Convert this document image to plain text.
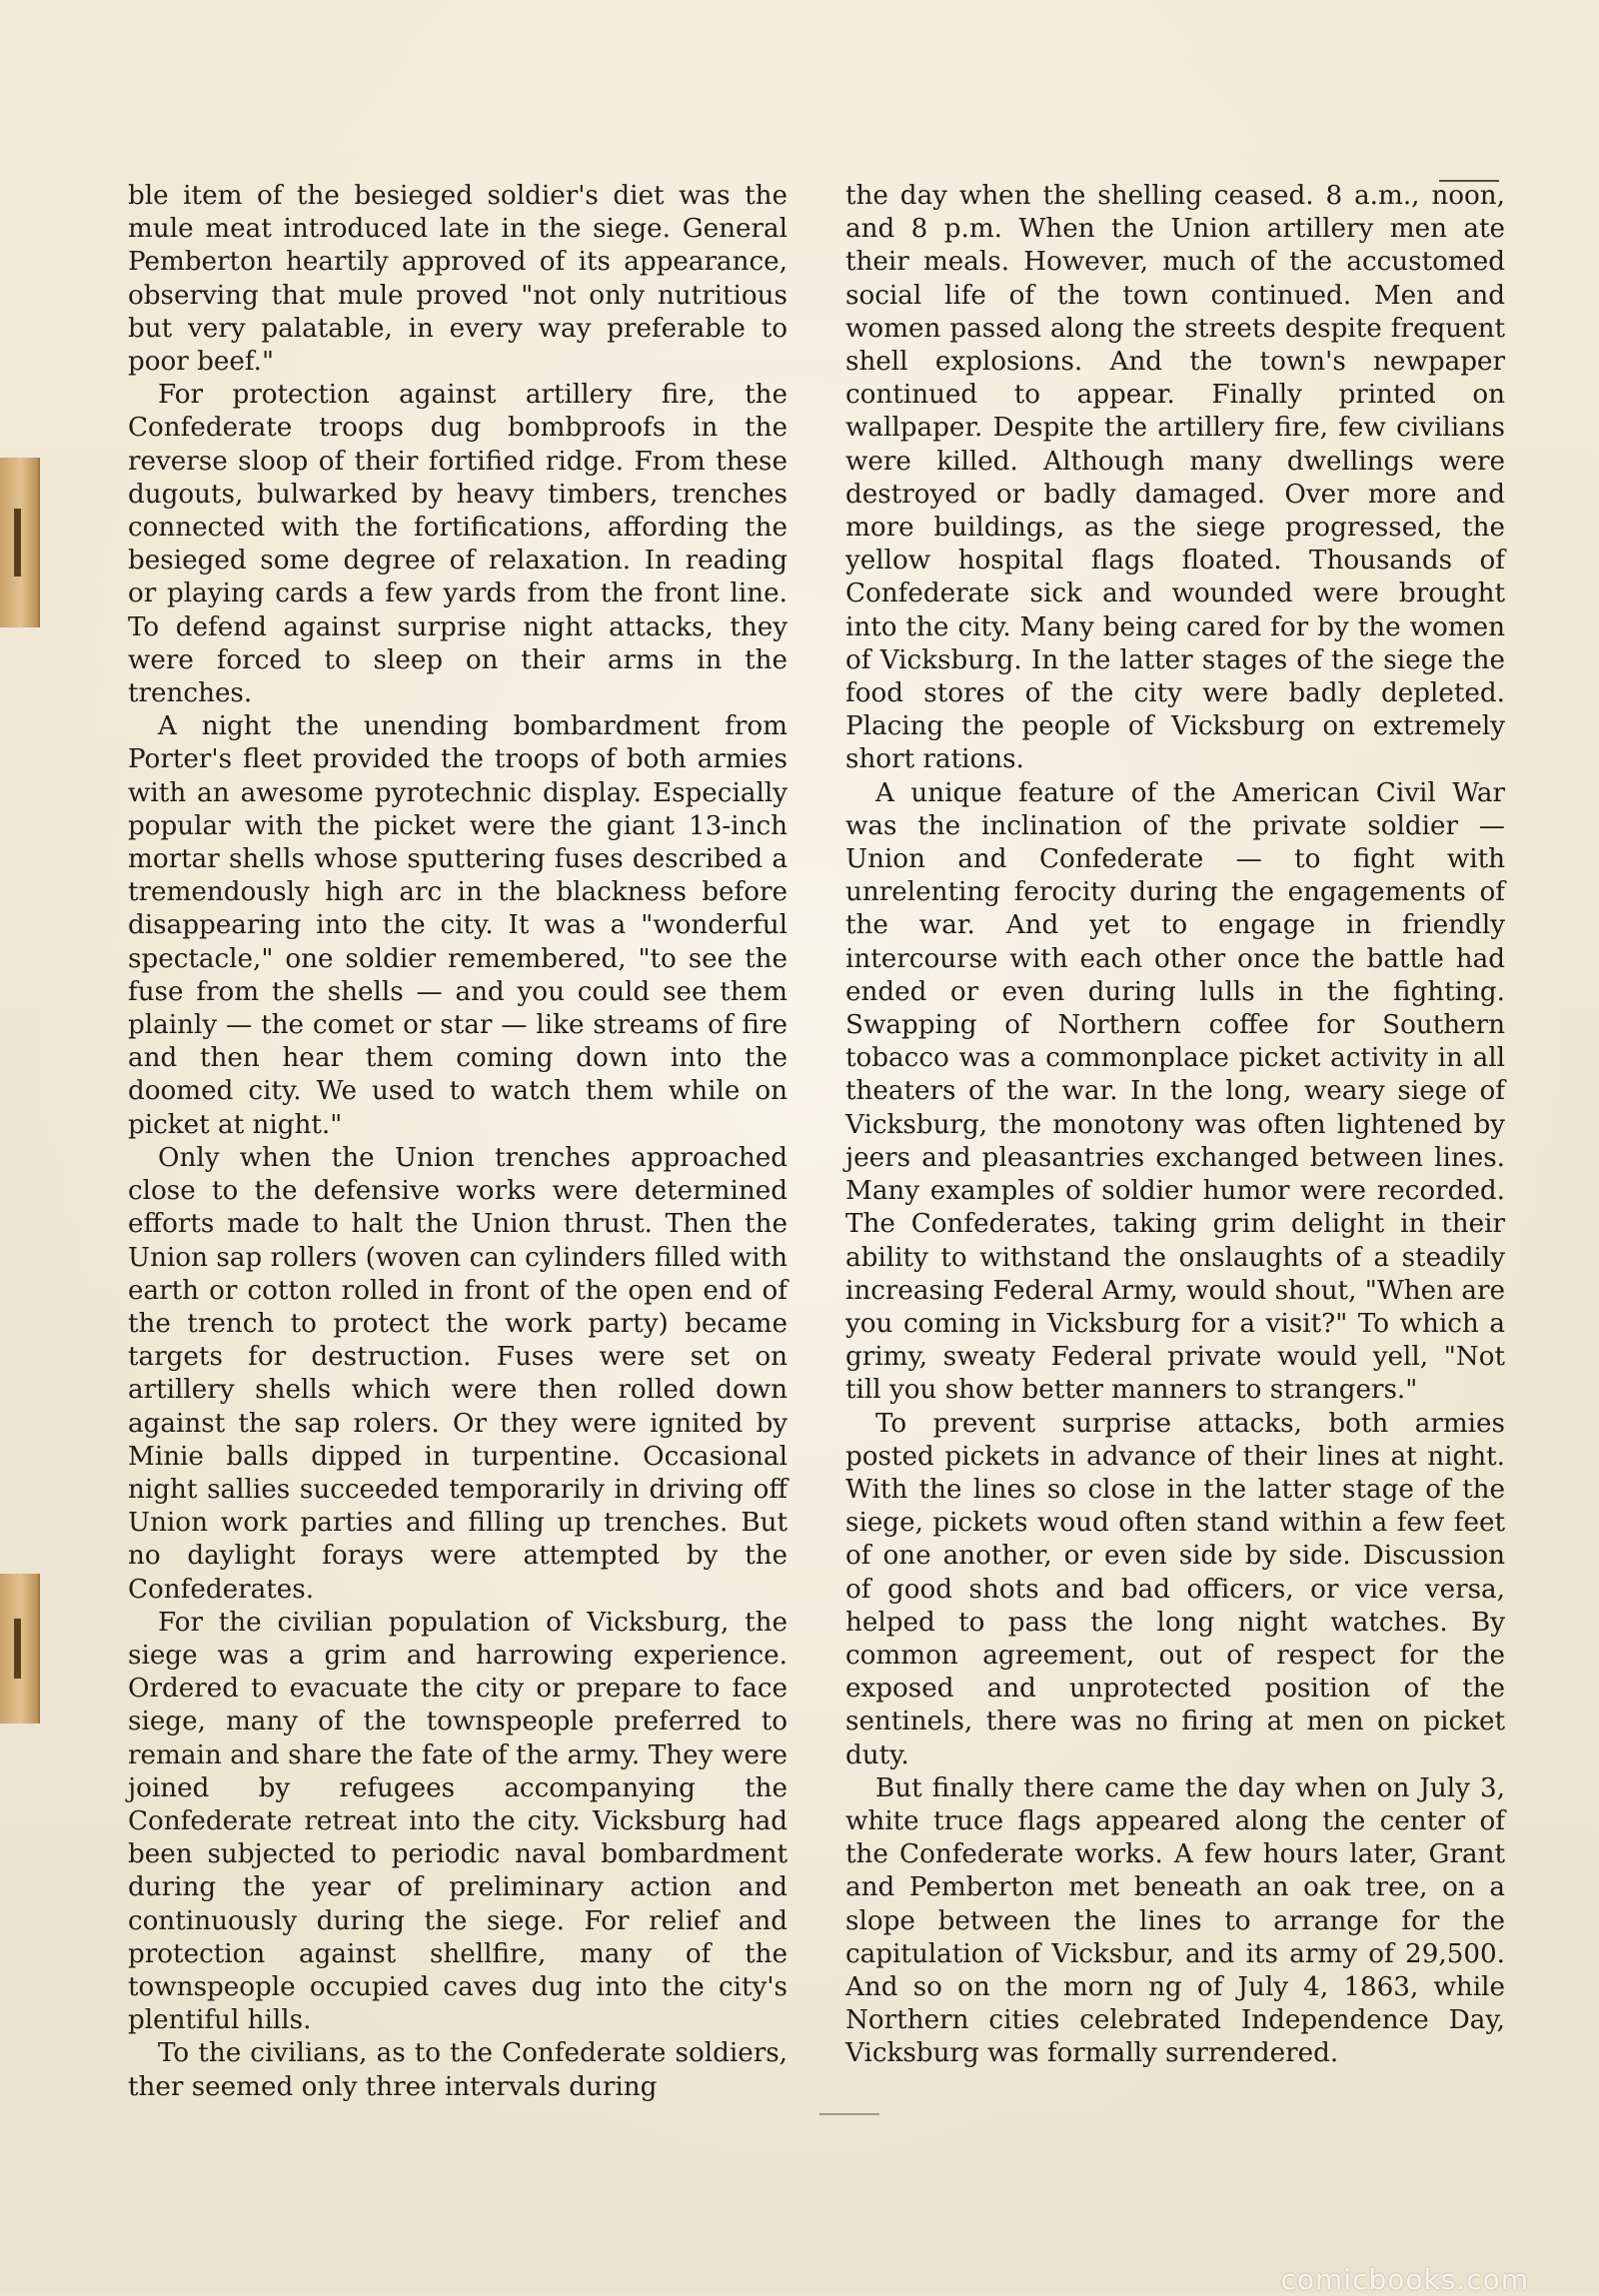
ble item of the besieged soldier's diet was the mule meat introduced late in the siege. General Pemberton heartily approved of its appearance, observing that mule proved "not only nutritious but very palatable, in every way preferable to poor beef."

For protection against artillery fire, the Confederate troops dug bombproofs in the reverse sloop of their fortified ridge. From these dugouts, bulwarked by heavy timbers, trenches connected with the fortifications, affording the besieged some degree of relaxation. In reading or playing cards a few yards from the front line. To defend against surprise night attacks, they were forced to sleep on their arms in the trenches.

A night the unending bombardment from Porter's fleet provided the troops of both armies with an awesome pyrotechnic display. Especially popular with the picket were the giant 13-inch mortar shells whose sputtering fuses described a tremendously high arc in the blackness before disappearing into the city. It was a "wonderful spectacle," one soldier remembered, "to see the fuse from the shells — and you could see them plainly — the comet or star — like streams of fire and then hear them coming down into the doomed city. We used to watch them while on picket at night."

Only when the Union trenches approached close to the defensive works were determined efforts made to halt the Union thrust. Then the Union sap rollers (woven can cylinders filled with earth or cotton rolled in front of the open end of the trench to protect the work party) became targets for destruction. Fuses were set on artillery shells which were then rolled down against the sap rolers. Or they were ignited by Minie balls dipped in turpentine. Occasional night sallies succeeded temporarily in driving off Union work parties and filling up trenches. But no daylight forays were attempted by the Confederates.

For the civilian population of Vicksburg, the siege was a grim and harrowing experience. Ordered to evacuate the city or prepare to face siege, many of the townspeople preferred to remain and share the fate of the army. They were joined by refugees accompanying the Confederate retreat into the city. Vicksburg had been subjected to periodic naval bombardment during the year of preliminary action and continuously during the siege. For relief and protection against shellfire, many of the townspeople occupied caves dug into the city's plentiful hills.

To the civilians, as to the Confederate soldiers, ther seemed only three intervals during

the day when the shelling ceased. 8 a.m., noon, and 8 p.m. When the Union artillery men ate their meals. However, much of the accustomed social life of the town continued. Men and women passed along the streets despite frequent shell explosions. And the town's newpaper continued to appear. Finally printed on wallpaper. Despite the artillery fire, few civilians were killed. Although many dwellings were destroyed or badly damaged. Over more and more buildings, as the siege progressed, the yellow hospital flags floated. Thousands of Confederate sick and wounded were brought into the city. Many being cared for by the women of Vicksburg. In the latter stages of the siege the food stores of the city were badly depleted. Placing the people of Vicksburg on extremely short rations.

A unique feature of the American Civil War was the inclination of the private soldier — Union and Confederate — to fight with unrelenting ferocity during the engagements of the war. And yet to engage in friendly intercourse with each other once the battle had ended or even during lulls in the fighting. Swapping of Northern coffee for Southern tobacco was a commonplace picket activity in all theaters of the war. In the long, weary siege of Vicksburg, the monotony was often lightened by jeers and pleasantries exchanged between lines. Many examples of soldier humor were recorded. The Confederates, taking grim delight in their ability to withstand the onslaughts of a steadily increasing Federal Army, would shout, "When are you coming in Vicksburg for a visit?" To which a grimy, sweaty Federal private would yell, "Not till you show better manners to strangers."

To prevent surprise attacks, both armies posted pickets in advance of their lines at night. With the lines so close in the latter stage of the siege, pickets woud often stand within a few feet of one another, or even side by side. Discussion of good shots and bad officers, or vice versa, helped to pass the long night watches. By common agreement, out of respect for the exposed and unprotected position of the sentinels, there was no firing at men on picket duty.

But finally there came the day when on July 3, white truce flags appeared along the center of the Confederate works. A few hours later, Grant and Pemberton met beneath an oak tree, on a slope between the lines to arrange for the capitulation of Vicksbur, and its army of 29,500. And so on the morn ng of July 4, 1863, while Northern cities celebrated Independence Day, Vicksburg was formally surrendered.

comicbooks.com
